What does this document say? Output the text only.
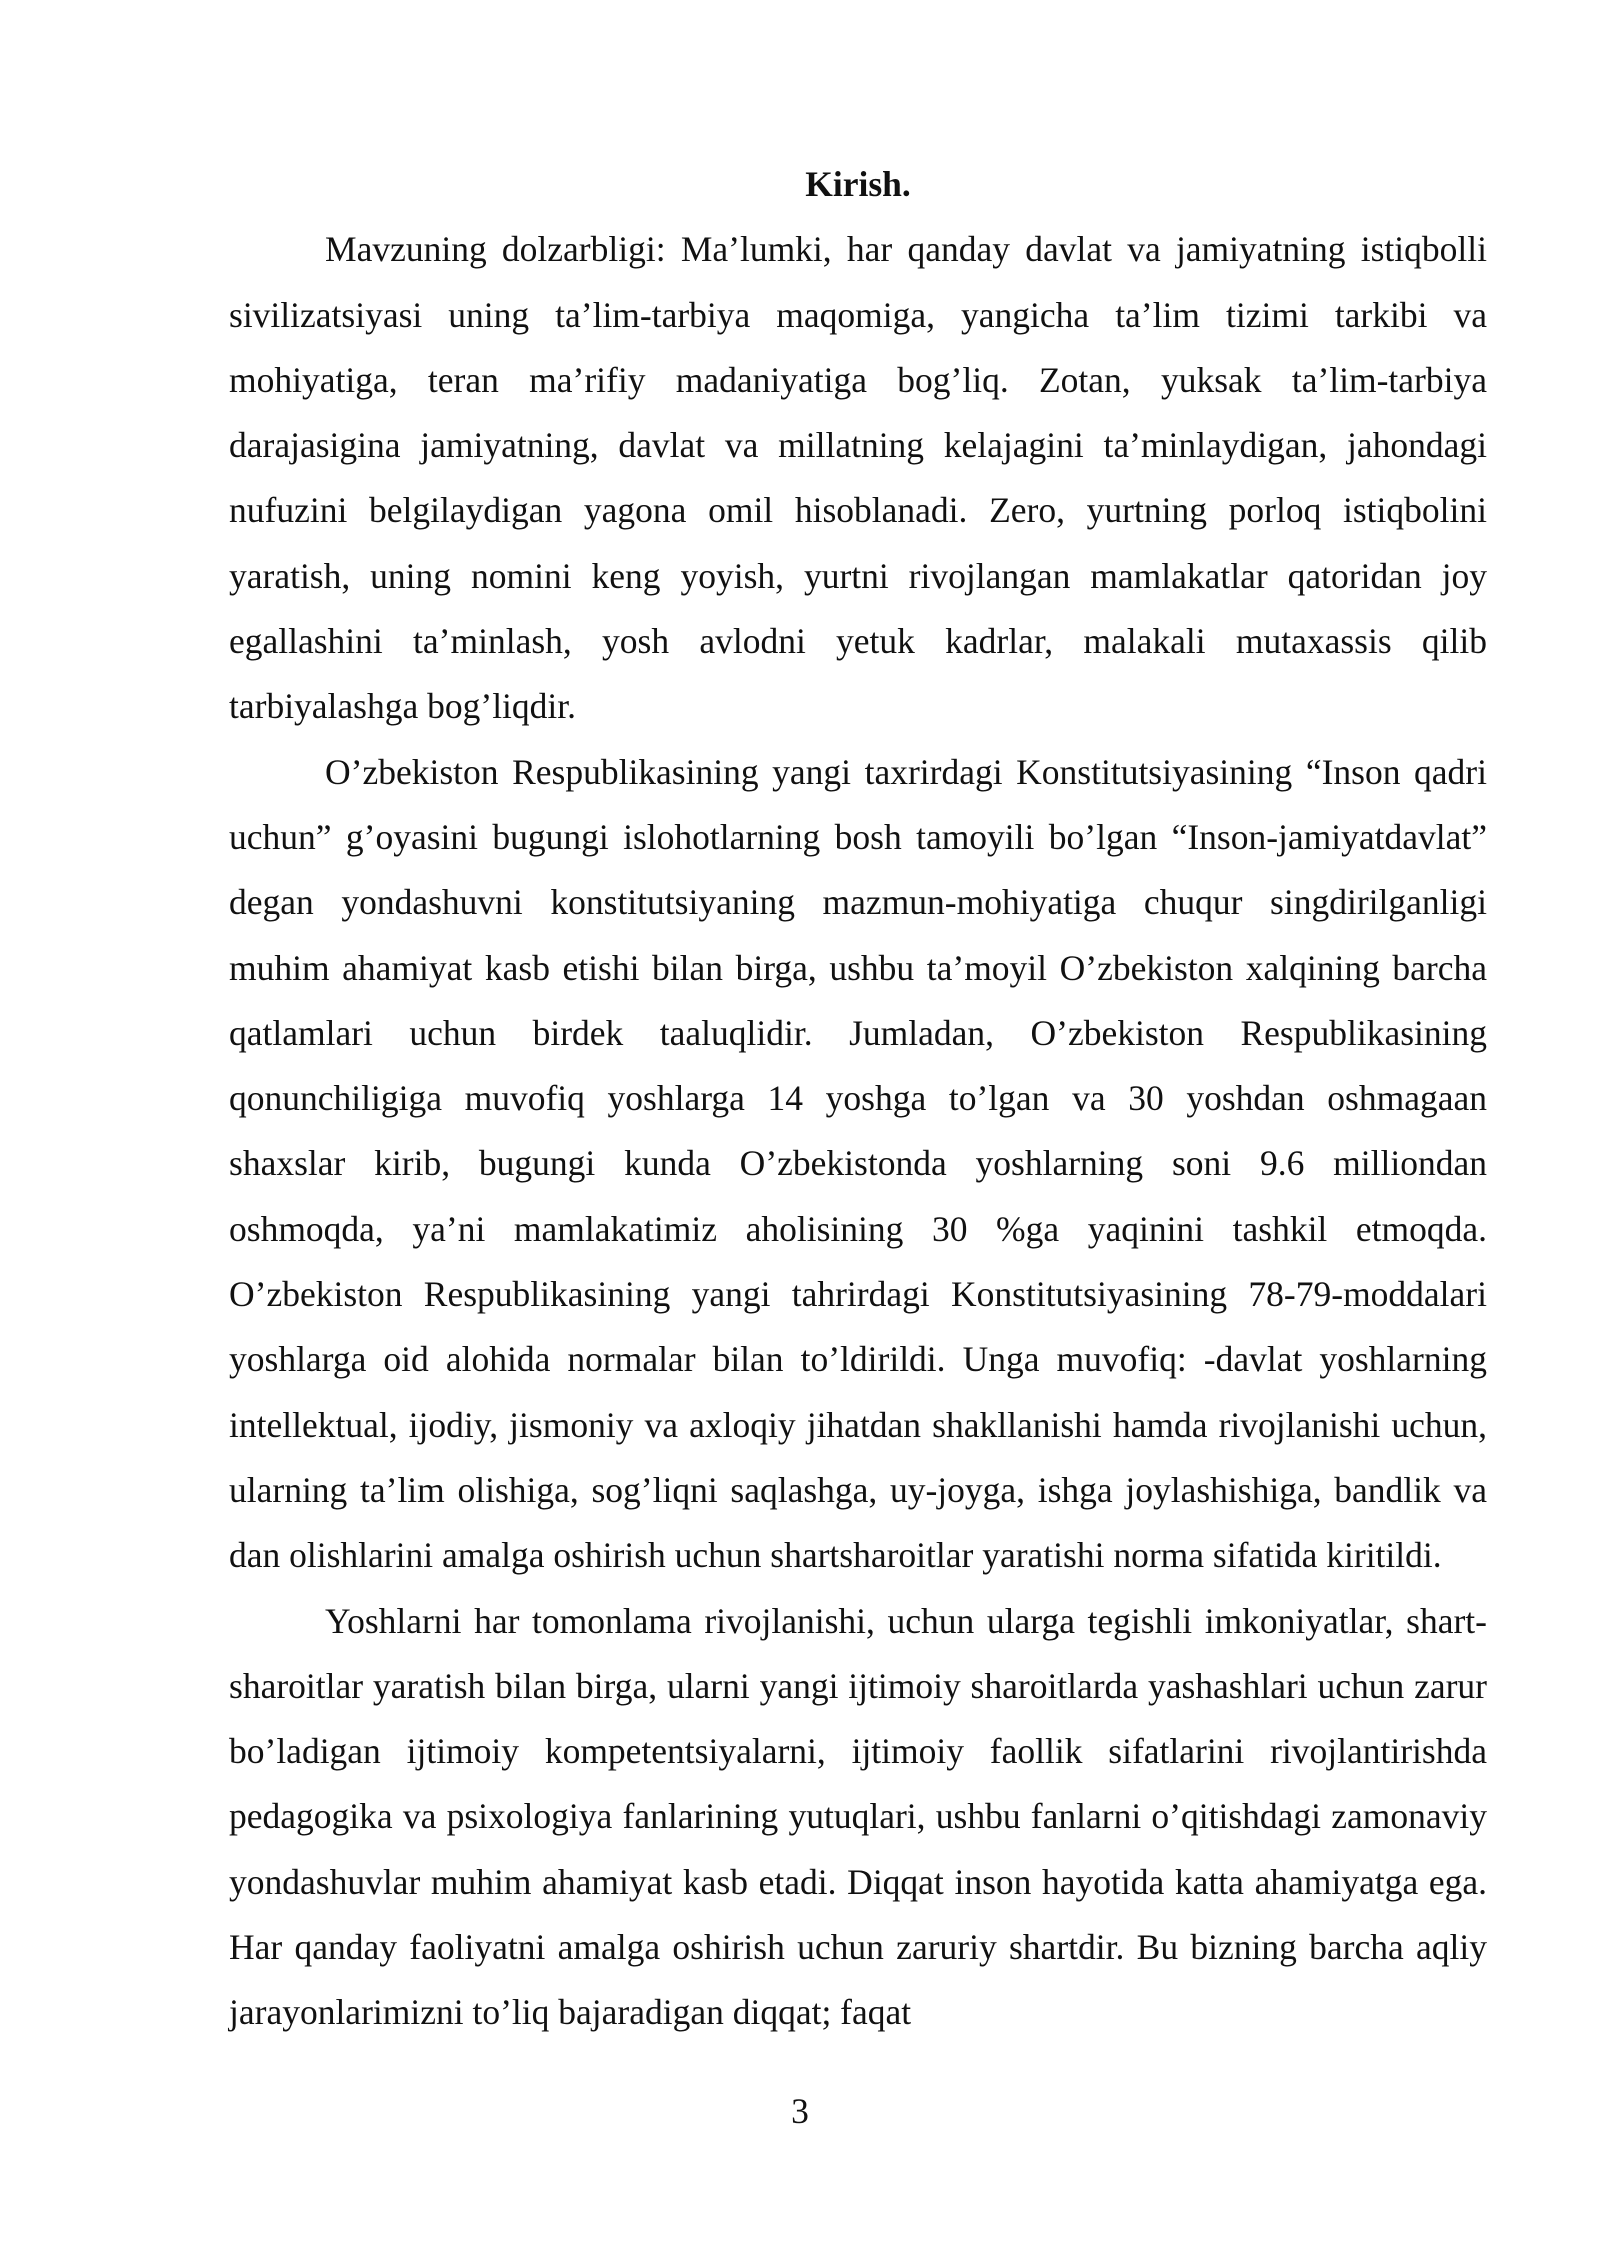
Kirish.

Mavzuning dolzarbligi: Ma’lumki, har qanday davlat va jamiyatning istiqbolli sivilizatsiyasi uning ta’lim-tarbiya maqomiga, yangicha ta’lim tizimi tarkibi va mohiyatiga, teran ma’rifiy madaniyatiga bog’liq. Zotan, yuksak ta’lim-tarbiya darajasigina jamiyatning, davlat va millatning kelajagini ta’minlaydigan, jahondagi nufuzini belgilaydigan yagona omil hisoblanadi. Zero, yurtning porloq istiqbolini yaratish, uning nomini keng yoyish, yurtni rivojlangan mamlakatlar qatoridan joy egallashini ta’minlash, yosh avlodni yetuk kadrlar, malakali mutaxassis qilib tarbiyalashga bog’liqdir.

O’zbekiston Respublikasining yangi taxrirdagi Konstitutsiyasining “Inson qadri uchun” g’oyasini bugungi islohotlarning bosh tamoyili bo’lgan “Inson-jamiyatdavlat” degan yondashuvni konstitutsiyaning mazmun-mohiyatiga chuqur singdirilganligi muhim ahamiyat kasb etishi bilan birga, ushbu ta’moyil O’zbekiston xalqining barcha qatlamlari uchun birdek taaluqlidir. Jumladan, O’zbekiston Respublikasining qonunchiligiga muvofiq yoshlarga 14 yoshga to’lgan va 30 yoshdan oshmagaan shaxslar kirib, bugungi kunda O’zbekistonda yoshlarning soni 9.6 milliondan oshmoqda, ya’ni mamlakatimiz aholisining 30 %ga yaqinini tashkil etmoqda. O’zbekiston Respublikasining yangi tahrirdagi Konstitutsiyasining 78-79-moddalari yoshlarga oid alohida normalar bilan to’ldirildi. Unga muvofiq: -davlat yoshlarning intellektual, ijodiy, jismoniy va axloqiy jihatdan shakllanishi hamda rivojlanishi uchun, ularning ta’lim olishiga, sog’liqni saqlashga, uy-joyga, ishga joylashishiga, bandlik va dan olishlarini amalga oshirish uchun shartsharoitlar yaratishi norma sifatida kiritildi.

Yoshlarni har tomonlama rivojlanishi, uchun ularga tegishli imkoniyatlar, shart-sharoitlar yaratish bilan birga, ularni yangi ijtimoiy sharoitlarda yashashlari uchun zarur bo’ladigan ijtimoiy kompetentsiyalarni, ijtimoiy faollik sifatlarini rivojlantirishda pedagogika va psixologiya fanlarining yutuqlari, ushbu fanlarni o’qitishdagi zamonaviy yondashuvlar muhim ahamiyat kasb etadi. Diqqat inson hayotida katta ahamiyatga ega. Har qanday faoliyatni amalga oshirish uchun zaruriy shartdir. Bu bizning barcha aqliy jarayonlarimizni to’liq bajaradigan diqqat; faqat

3
